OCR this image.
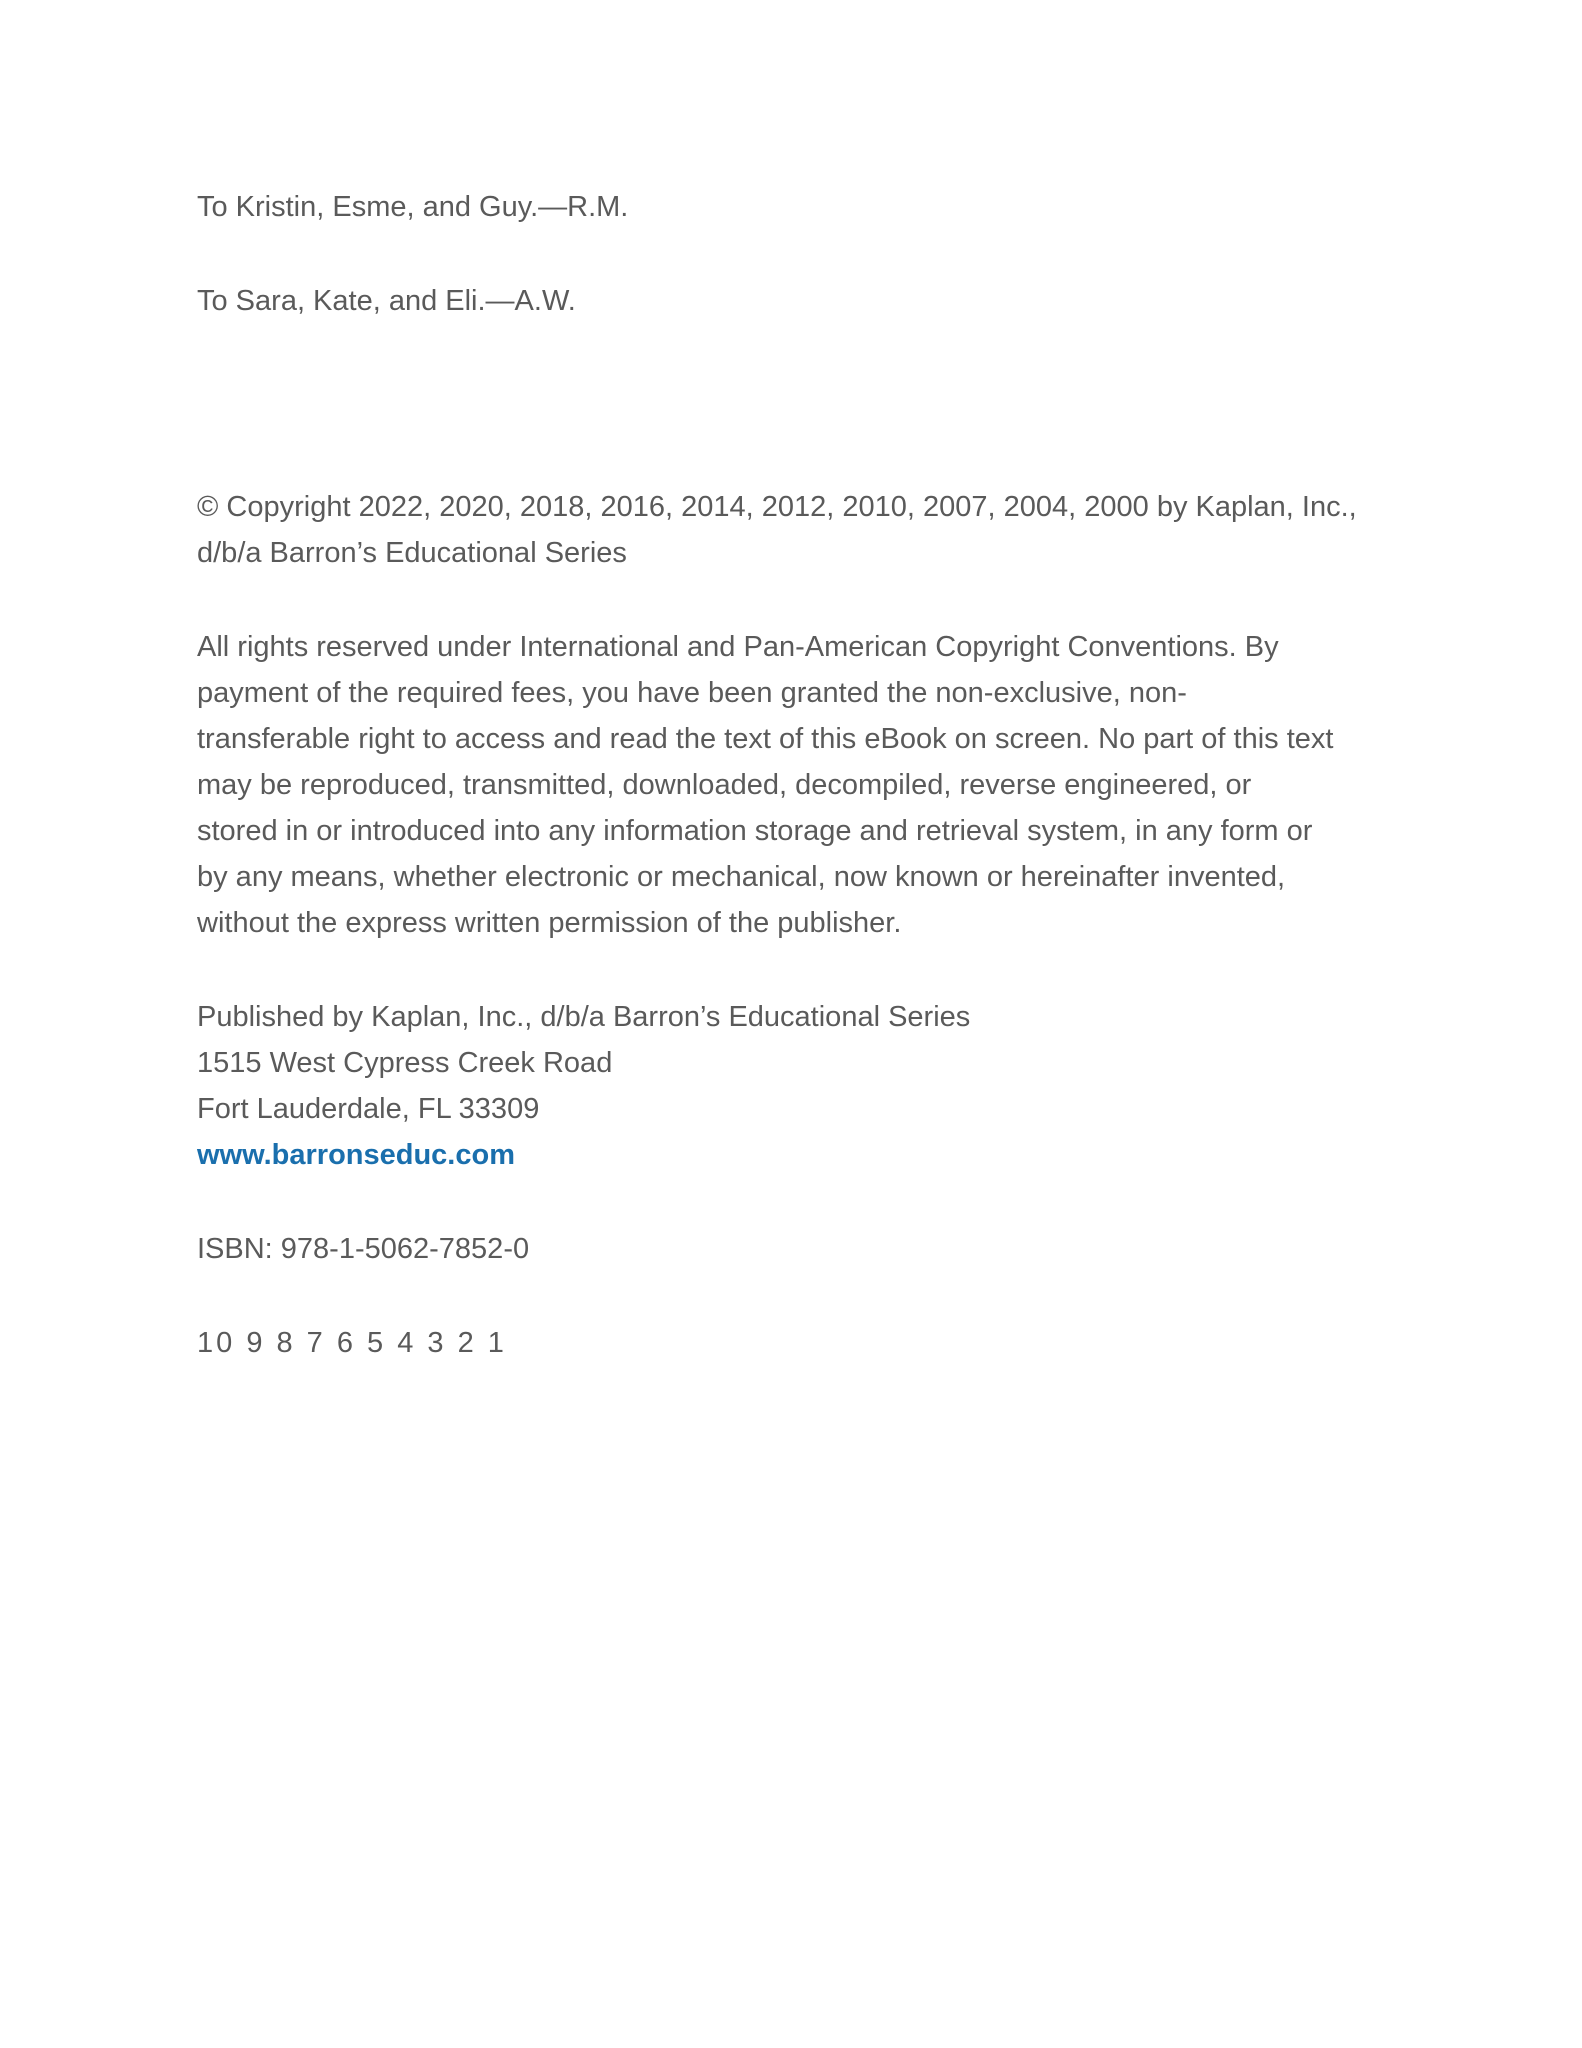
To Kristin, Esme, and Guy.—R.M.

To Sara, Kate, and Eli.—A.W.

© Copyright 2022, 2020, 2018, 2016, 2014, 2012, 2010, 2007, 2004, 2000 by Kaplan, Inc.,
d/b/a Barron’s Educational Series
All rights reserved under International and Pan-American Copyright Conventions. By
payment of the required fees, you have been granted the non-exclusive, non-
transferable right to access and read the text of this eBook on screen. No part of this text
may be reproduced, transmitted, downloaded, decompiled, reverse engineered, or
stored in or introduced into any information storage and retrieval system, in any form or
by any means, whether electronic or mechanical, now known or hereinafter invented,
without the express written permission of the publisher.
Published by Kaplan, Inc., d/b/a Barron’s Educational Series
1515 West Cypress Creek Road
Fort Lauderdale, FL 33309
www.barronseduc.com

ISBN: 978-1-5062-7852-0

10 9 8 7 6 5 4 3 2 1
